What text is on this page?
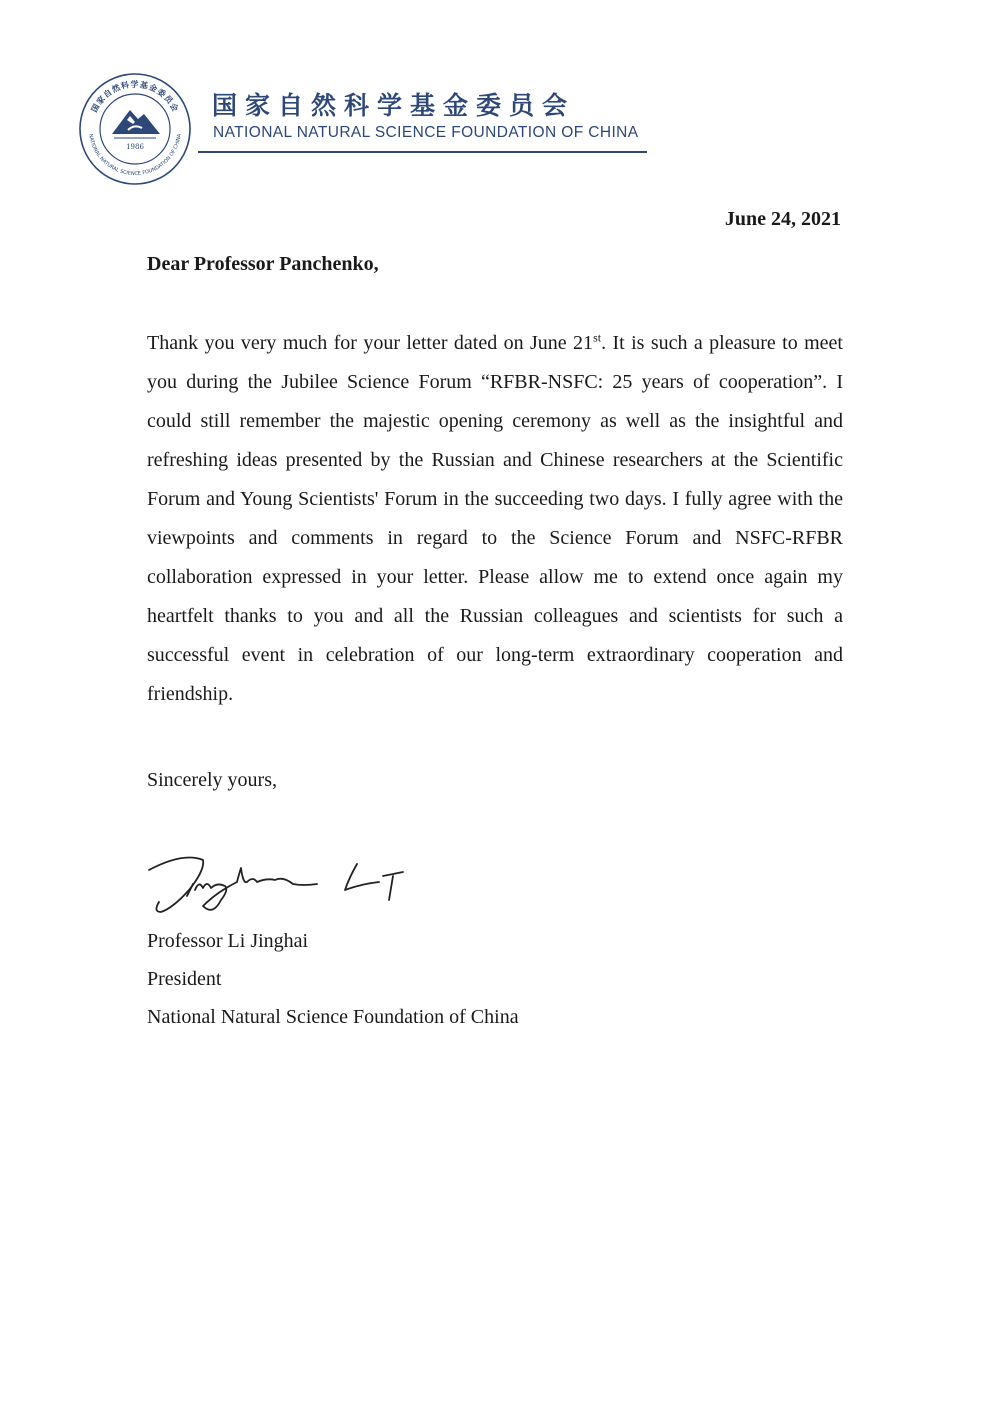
国家自然科学基金委员会
NATIONAL NATURAL SCIENCE FOUNDATION OF CHINA
1986
国家自然科学基金委员会
NATIONAL NATURAL SCIENCE FOUNDATION OF CHINA
June 24, 2021
Dear Professor Panchenko,

Thank you very much for your letter dated on June 21st. It is such a pleasure to meet you during the Jubilee Science Forum “RFBR-NSFC: 25 years of cooperation”. I could still remember the majestic opening ceremony as well as the insightful and refreshing ideas presented by the Russian and Chinese researchers at the Scientific Forum and Young Scientists' Forum in the succeeding two days. I fully agree with the viewpoints and comments in regard to the Science Forum and NSFC-RFBR collaboration expressed in your letter. Please allow me to extend once again my heartfelt thanks to you and all the Russian colleagues and scientists for such a successful event in celebration of our long-term extraordinary cooperation and friendship.

Sincerely yours,
Professor Li Jinghai
President
National Natural Science Foundation of China
